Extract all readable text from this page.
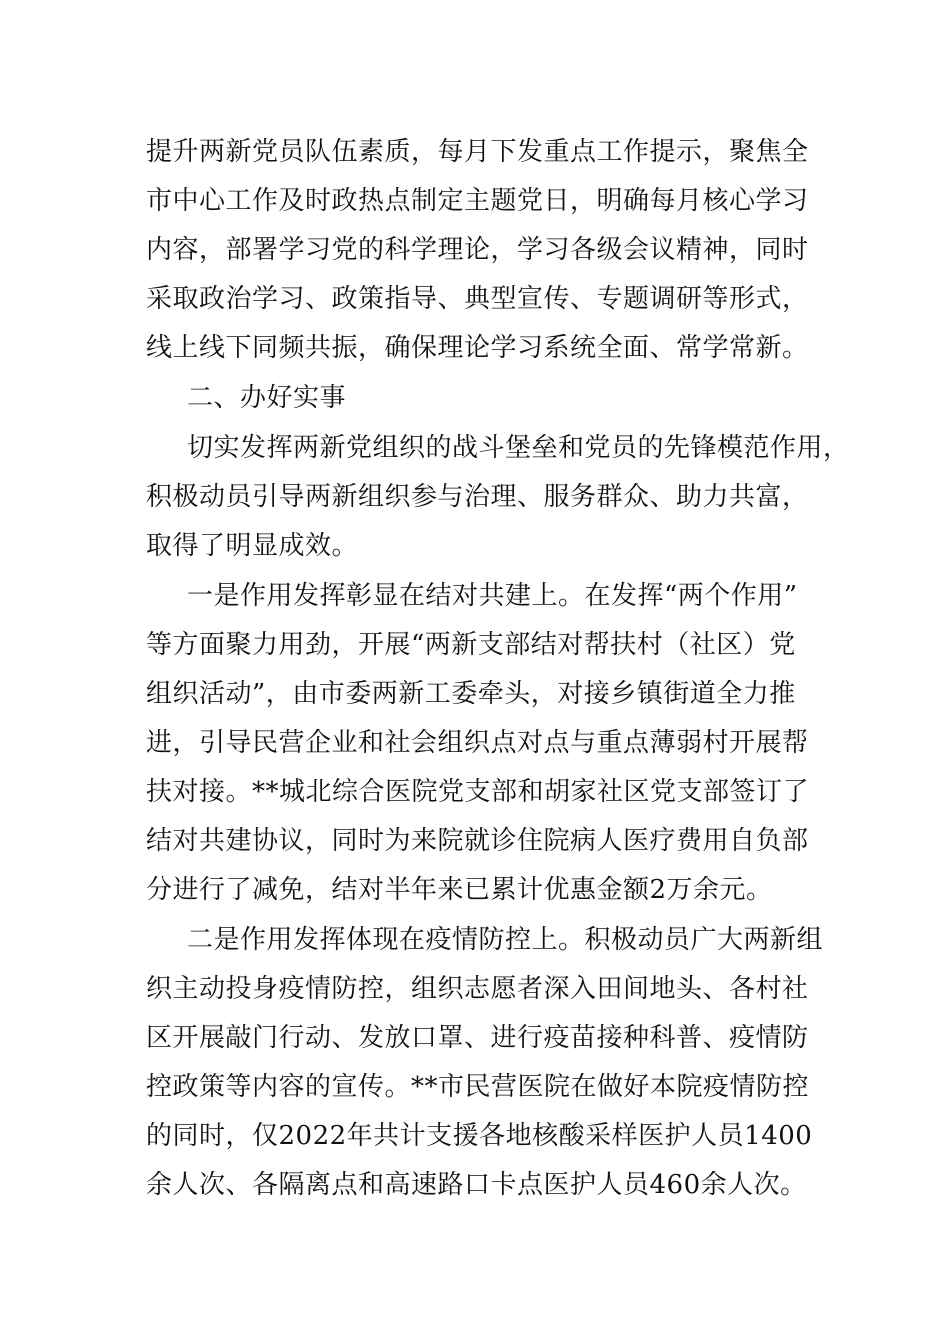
提升两新党员队伍素质，每月下发重点工作提示，聚焦全
市中心工作及时政热点制定主题党日，明确每月核心学习
内容，部署学习党的科学理论，学习各级会议精神，同时
采取政治学习、政策指导、典型宣传、专题调研等形式，
线上线下同频共振，确保理论学习系统全面、常学常新。
二、办好实事
切实发挥两新党组织的战斗堡垒和党员的先锋模范作用，
积极动员引导两新组织参与治理、服务群众、助力共富，
取得了明显成效。
一是作用发挥彰显在结对共建上。在发挥“两个作用”
等方面聚力用劲，开展“两新支部结对帮扶村（社区）党
组织活动”，由市委两新工委牵头，对接乡镇街道全力推
进，引导民营企业和社会组织点对点与重点薄弱村开展帮
扶对接。**城北综合医院党支部和胡家社区党支部签订了
结对共建协议，同时为来院就诊住院病人医疗费用自负部
分进行了减免，结对半年来已累计优惠金额2万余元。
二是作用发挥体现在疫情防控上。积极动员广大两新组
织主动投身疫情防控，组织志愿者深入田间地头、各村社
区开展敲门行动、发放口罩、进行疫苗接种科普、疫情防
控政策等内容的宣传。**市民营医院在做好本院疫情防控
的同时，仅2022年共计支援各地核酸采样医护人员1400
余人次、各隔离点和高速路口卡点医护人员460余人次。
